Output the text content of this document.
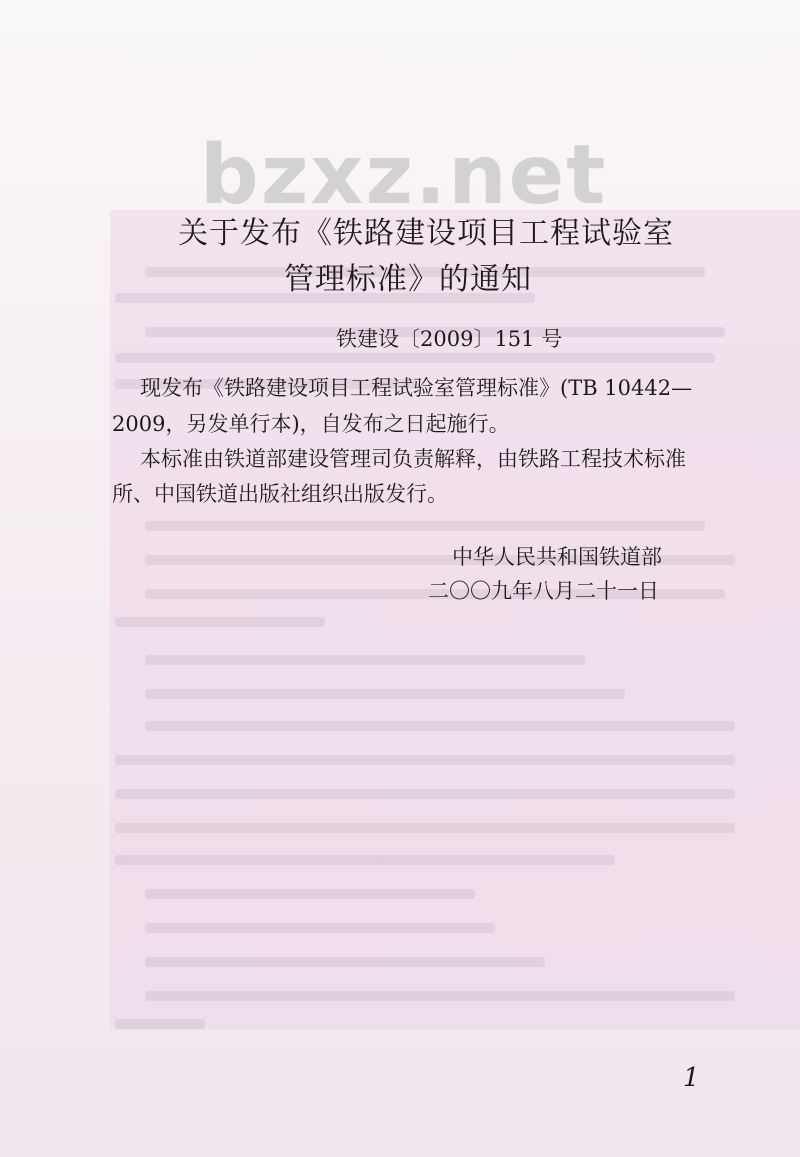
bzxz.net
关于发布《铁路建设项目工程试验室
管理标准》的通知
铁建设〔2009〕151 号
现发布《铁路建设项目工程试验室管理标准》(TB 10442—
2009，另发单行本)，自发布之日起施行。
本标准由铁道部建设管理司负责解释，由铁路工程技术标准
所、中国铁道出版社组织出版发行。
中华人民共和国铁道部
二〇〇九年八月二十一日
1
